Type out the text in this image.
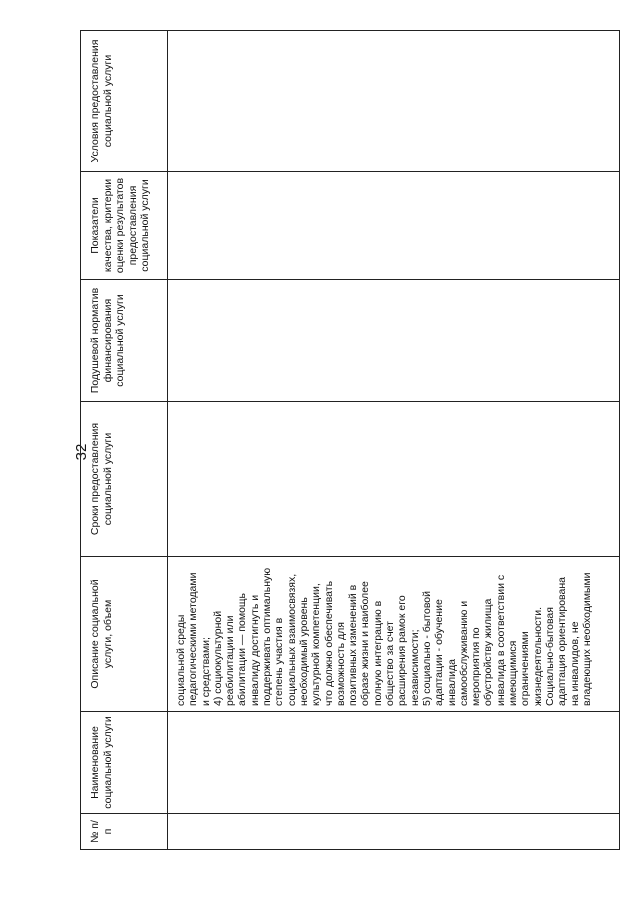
32
№ п/п
Наименование социальной услуги
Описание социальной услуги, объем	социальной среды педагогическими методами и средствами; 4) социокультурной реабилитации или абилитации — помощь инвалиду достигнуть и поддерживать оптимальную степень участия в социальных взаимосвязях, необходимый уровень культурной компетенции, что должно обеспечивать возможность для позитивных изменений в образе жизни и наиболее полную интеграцию в общество за счет расширения рамок его независимости; 5) социально - бытовой адаптации - обучение инвалида самообслуживанию и мероприятия по обустройству жилища инвалида в соответствии с имеющимися ограничениями жизнедеятельности. Социально-бытовая адаптация ориентирована на инвалидов, не владеющих необходимыми
Сроки предоставления социальной услуги
Подушевой норматив финансирования социальной услуги
Показатели качества, критерии оценки результатов предоставления социальной услуги
Условия предоставления социальной услуги
